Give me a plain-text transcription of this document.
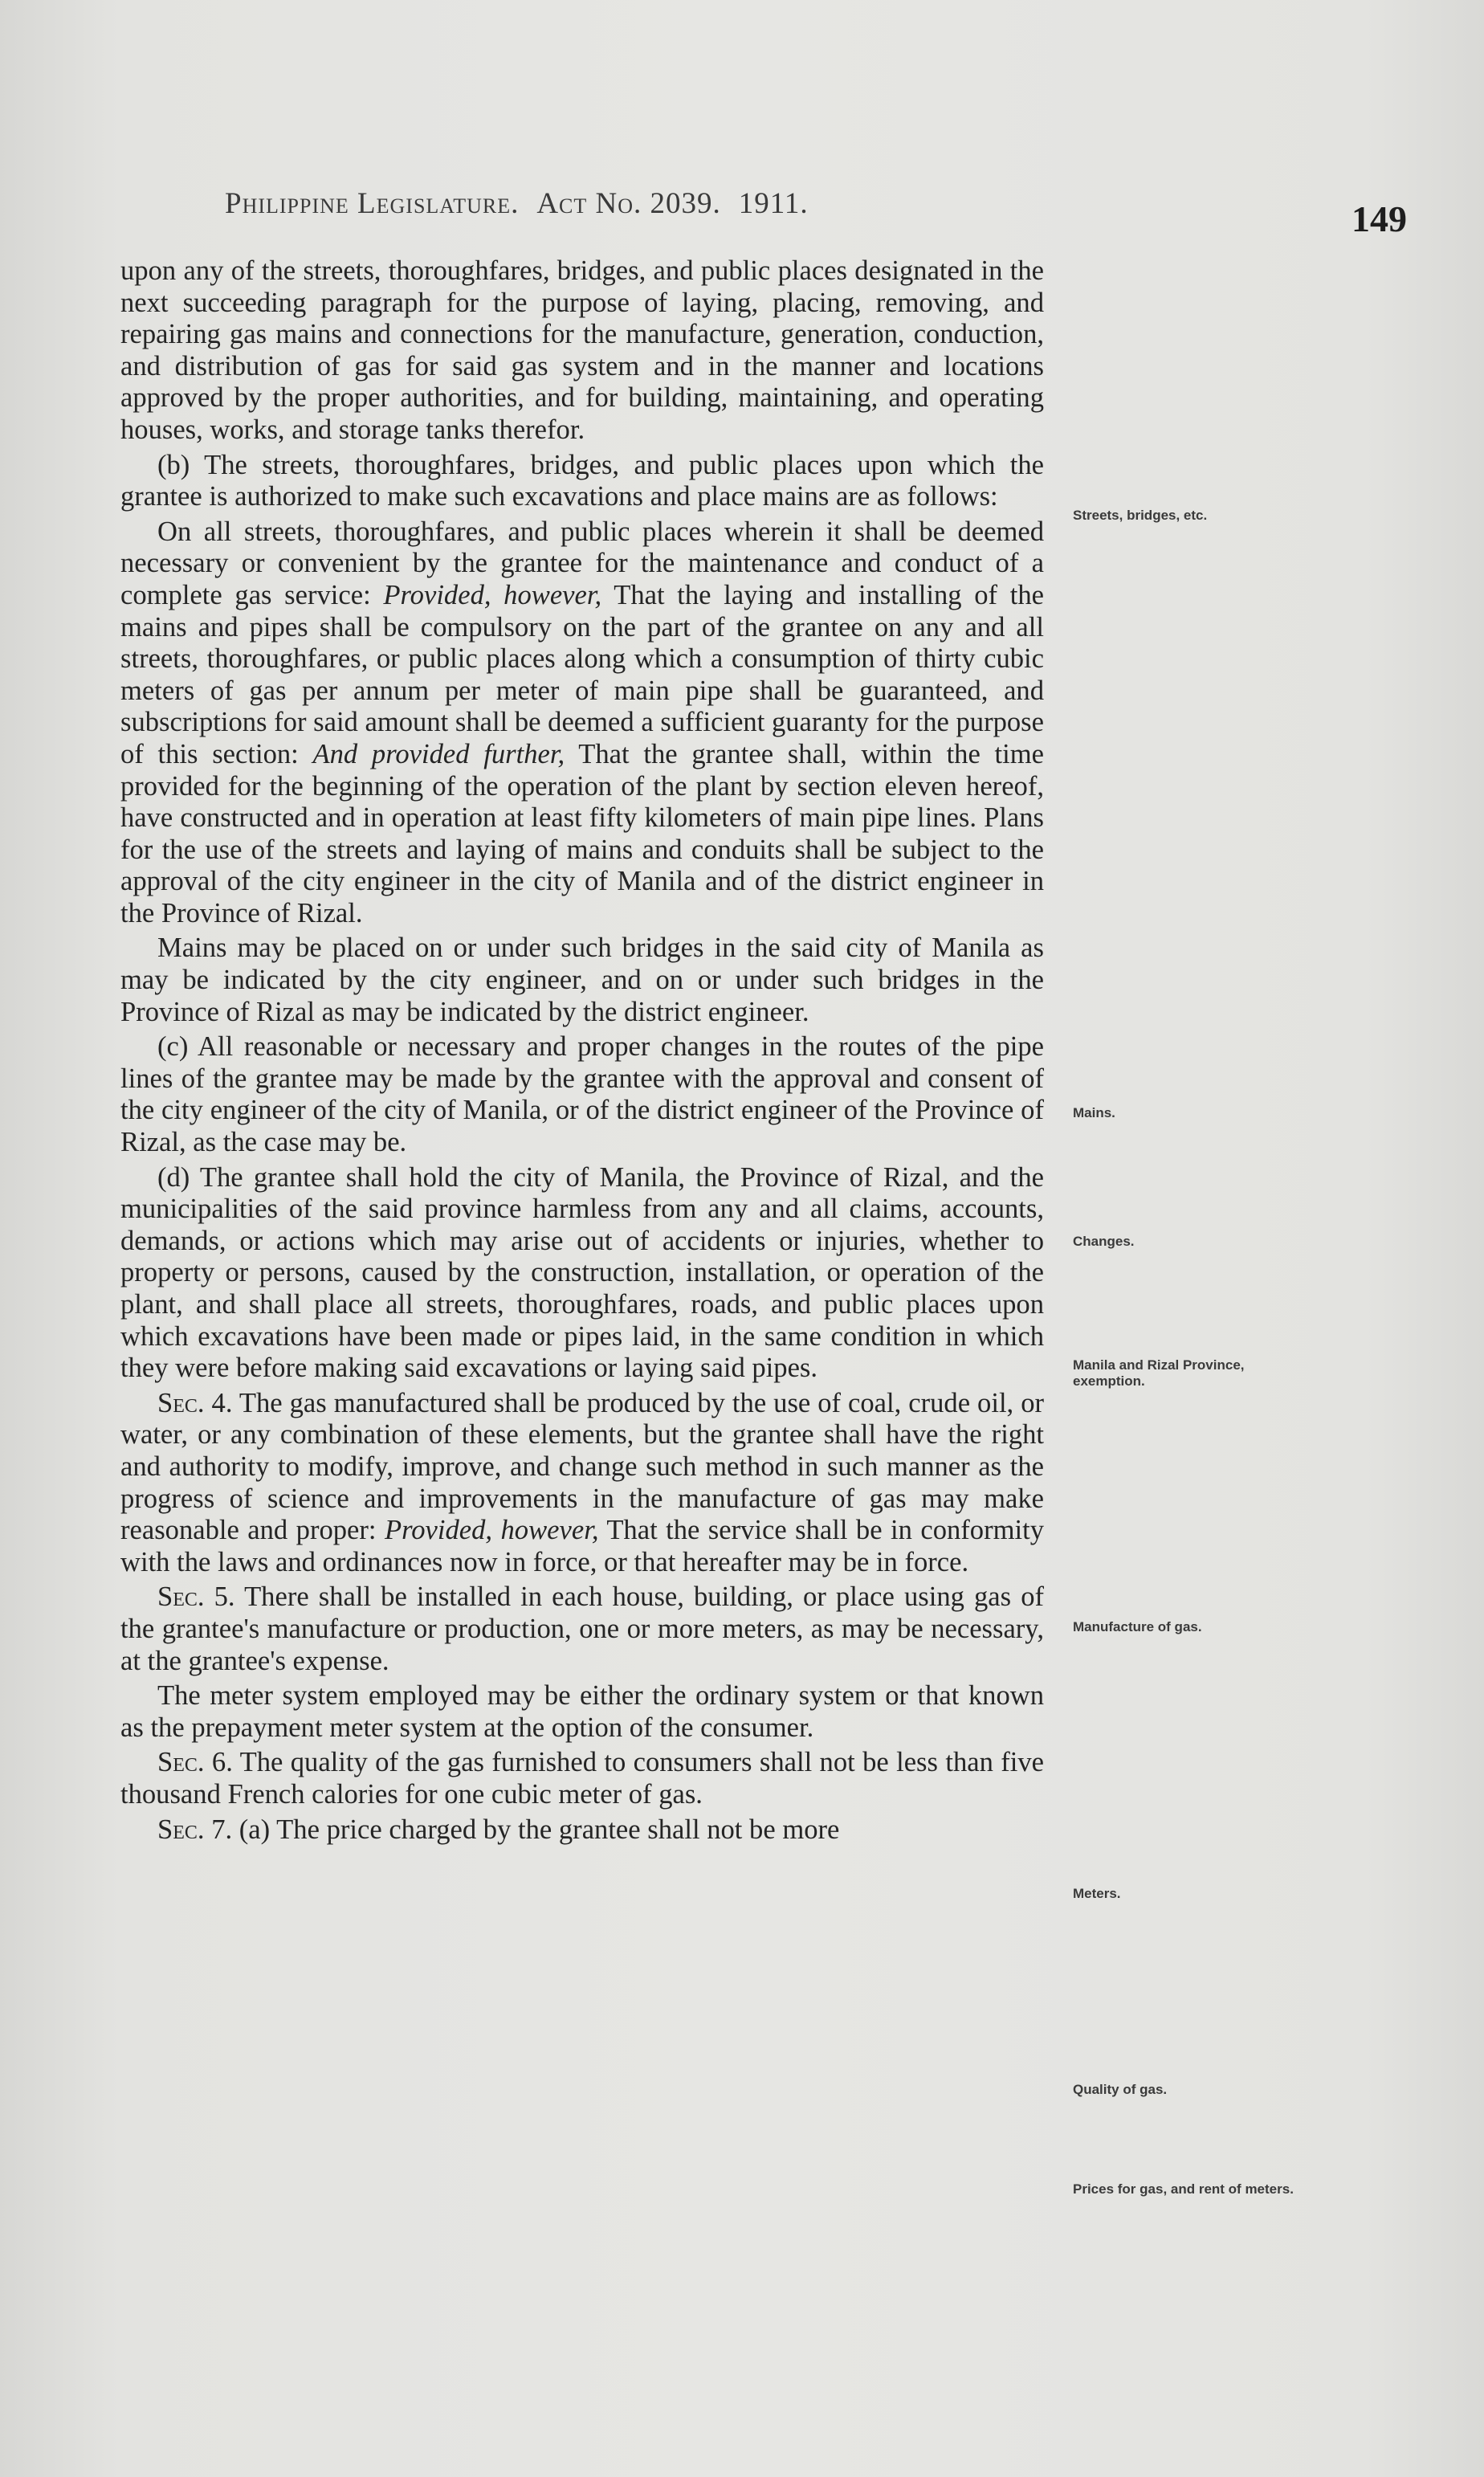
Philippine Legislature. Act No. 2039. 1911.	149

upon any of the streets, thoroughfares, bridges, and public places designated in the next succeeding paragraph for the purpose of laying, placing, removing, and repairing gas mains and connections for the manufacture, generation, conduction, and distribution of gas for said gas system and in the manner and locations approved by the proper authorities, and for building, maintaining, and operating houses, works, and storage tanks therefor.

(b) The streets, thoroughfares, bridges, and public places upon which the grantee is authorized to make such excavations and place mains are as follows:

On all streets, thoroughfares, and public places wherein it shall be deemed necessary or convenient by the grantee for the maintenance and conduct of a complete gas service: Provided, however, That the laying and installing of the mains and pipes shall be compulsory on the part of the grantee on any and all streets, thoroughfares, or public places along which a consumption of thirty cubic meters of gas per annum per meter of main pipe shall be guaranteed, and subscriptions for said amount shall be deemed a sufficient guaranty for the purpose of this section: And provided further, That the grantee shall, within the time provided for the beginning of the operation of the plant by section eleven hereof, have constructed and in operation at least fifty kilometers of main pipe lines. Plans for the use of the streets and laying of mains and conduits shall be subject to the approval of the city engineer in the city of Manila and of the district engineer in the Province of Rizal.

Mains may be placed on or under such bridges in the said city of Manila as may be indicated by the city engineer, and on or under such bridges in the Province of Rizal as may be indicated by the district engineer.

(c) All reasonable or necessary and proper changes in the routes of the pipe lines of the grantee may be made by the grantee with the approval and consent of the city engineer of the city of Manila, or of the district engineer of the Province of Rizal, as the case may be.

(d) The grantee shall hold the city of Manila, the Province of Rizal, and the municipalities of the said province harmless from any and all claims, accounts, demands, or actions which may arise out of accidents or injuries, whether to property or persons, caused by the construction, installation, or operation of the plant, and shall place all streets, thoroughfares, roads, and public places upon which excavations have been made or pipes laid, in the same condition in which they were before making said excavations or laying said pipes.

Sec. 4. The gas manufactured shall be produced by the use of coal, crude oil, or water, or any combination of these elements, but the grantee shall have the right and authority to modify, improve, and change such method in such manner as the progress of science and improvements in the manufacture of gas may make reasonable and proper: Provided, however, That the service shall be in conformity with the laws and ordinances now in force, or that hereafter may be in force.

Sec. 5. There shall be installed in each house, building, or place using gas of the grantee's manufacture or production, one or more meters, as may be necessary, at the grantee's expense.

The meter system employed may be either the ordinary system or that known as the prepayment meter system at the option of the consumer.

Sec. 6. The quality of the gas furnished to consumers shall not be less than five thousand French calories for one cubic meter of gas.

Sec. 7. (a) The price charged by the grantee shall not be more

Streets, bridges, etc.
Mains.
Changes.
Manila and Rizal Province, exemption.
Manufacture of gas.
Meters.
Quality of gas.
Prices for gas, and rent of meters.
